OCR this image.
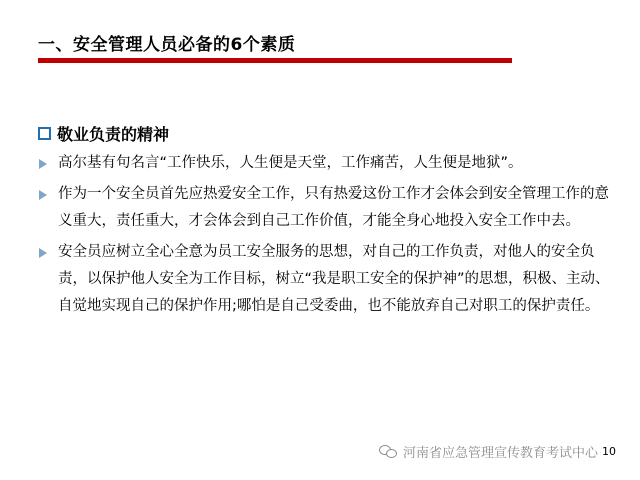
一、安全管理人员必备的6个素质
敬业负责的精神
高尔基有句名言“工作快乐，人生便是天堂，工作痛苦，人生便是地狱”。
作为一个安全员首先应热爱安全工作，只有热爱这份工作才会体会到安全管理工作的意义重大，责任重大，才会体会到自己工作价值，才能全身心地投入安全工作中去。
安全员应树立全心全意为员工安全服务的思想，对自己的工作负责，对他人的安全负责，以保护他人安全为工作目标，树立“我是职工安全的保护神”的思想，积极、主动、自觉地实现自己的保护作用;哪怕是自己受委曲，也不能放弃自己对职工的保护责任。
河南省应急管理宣传教育考试中心 10
